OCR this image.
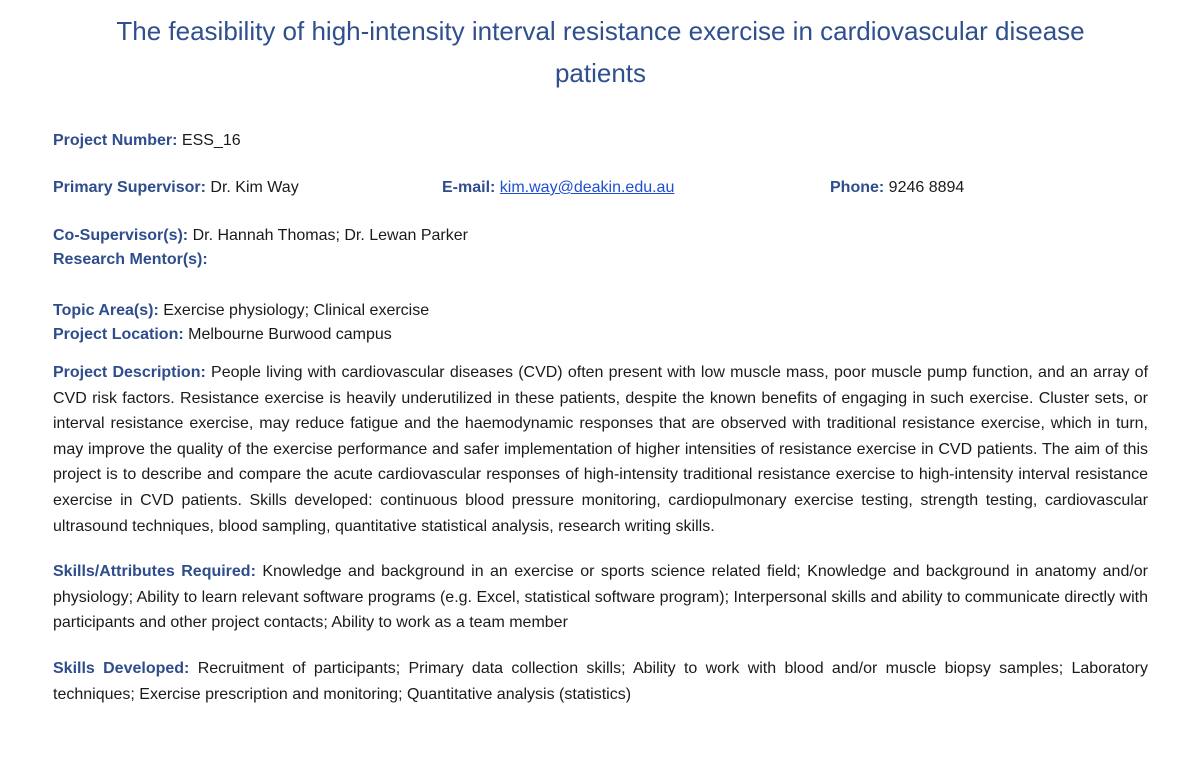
The feasibility of high-intensity interval resistance exercise in cardiovascular disease patients
Project Number: ESS_16
Primary Supervisor: Dr. Kim Way	E-mail: kim.way@deakin.edu.au	Phone: 9246 8894
Co-Supervisor(s): Dr. Hannah Thomas; Dr. Lewan Parker
Research Mentor(s):
Topic Area(s): Exercise physiology; Clinical exercise
Project Location: Melbourne Burwood campus

Project Description: People living with cardiovascular diseases (CVD) often present with low muscle mass, poor muscle pump function, and an array of CVD risk factors. Resistance exercise is heavily underutilized in these patients, despite the known benefits of engaging in such exercise. Cluster sets, or interval resistance exercise, may reduce fatigue and the haemodynamic responses that are observed with traditional resistance exercise, which in turn, may improve the quality of the exercise performance and safer implementation of higher intensities of resistance exercise in CVD patients. The aim of this project is to describe and compare the acute cardiovascular responses of high-intensity traditional resistance exercise to high-intensity interval resistance exercise in CVD patients. Skills developed: continuous blood pressure monitoring, cardiopulmonary exercise testing, strength testing, cardiovascular ultrasound techniques, blood sampling, quantitative statistical analysis, research writing skills.

Skills/Attributes Required: Knowledge and background in an exercise or sports science related field; Knowledge and background in anatomy and/or physiology; Ability to learn relevant software programs (e.g. Excel, statistical software program); Interpersonal skills and ability to communicate directly with participants and other project contacts; Ability to work as a team member

Skills Developed: Recruitment of participants; Primary data collection skills; Ability to work with blood and/or muscle biopsy samples; Laboratory techniques; Exercise prescription and monitoring; Quantitative analysis (statistics)
